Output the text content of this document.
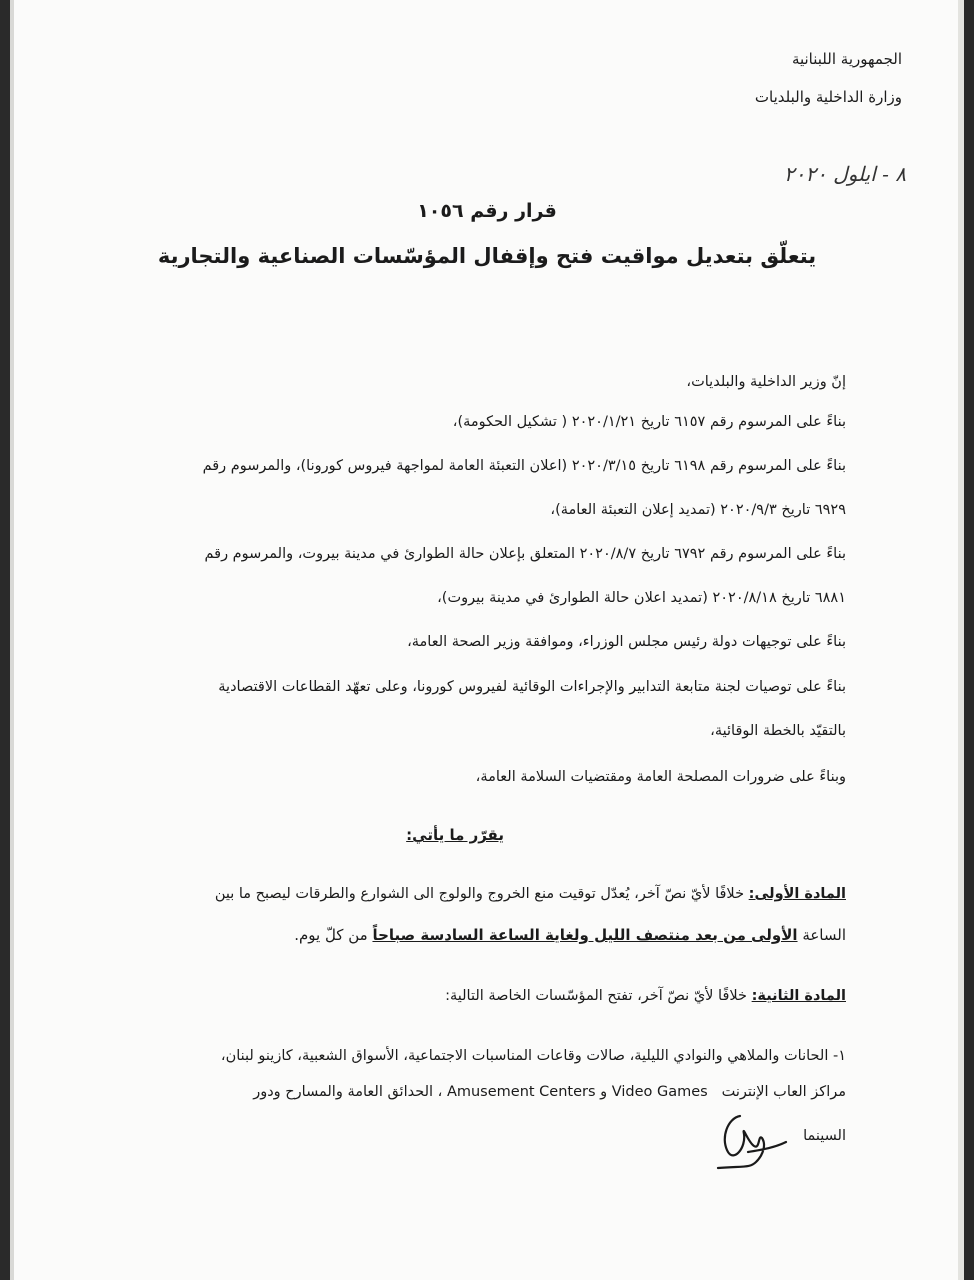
الجمهورية اللبنانية
وزارة الداخلية والبلديات
٨ - ايلول ٢٠٢٠
قرار رقم ١٠٥٦
يتعلّق بتعديل مواقيت فتح وإقفال المؤسّسات الصناعية والتجارية
إنّ وزير الداخلية والبلديات،
بناءً على المرسوم رقم ٦١٥٧ تاريخ ٢٠٢٠/١/٢١ ( تشكيل الحكومة)،
بناءً على المرسوم رقم ٦١٩٨ تاريخ ٢٠٢٠/٣/١٥ (اعلان التعبئة العامة لمواجهة فيروس كورونا)، والمرسوم رقم
٦٩٢٩ تاريخ ٢٠٢٠/٩/٣ (تمديد إعلان التعبئة العامة)،
بناءً على المرسوم رقم ٦٧٩٢ تاريخ ٢٠٢٠/٨/٧ المتعلق بإعلان حالة الطوارئ في مدينة بيروت، والمرسوم رقم
٦٨٨١ تاريخ ٢٠٢٠/٨/١٨ (تمديد اعلان حالة الطوارئ في مدينة بيروت)،
بناءً على توجيهات دولة رئيس مجلس الوزراء، وموافقة وزير الصحة العامة،
بناءً على توصيات لجنة متابعة التدابير والإجراءات الوقائية لفيروس كورونا، وعلى تعهّد القطاعات الاقتصادية
بالتقيّد بالخطة الوقائية،
وبناءً على ضرورات المصلحة العامة ومقتضيات السلامة العامة،
يقرّر ما يأتي:
المادة الأولى: خلافًا لأيّ نصّ آخر، يُعدّل توقيت منع الخروج والولوج الى الشوارع والطرقات ليصبح ما بين
الساعة الأولى من بعد منتصف الليل ولغاية الساعة السادسة صباحاً من كلّ يوم.
المادة الثانية: خلافًا لأيّ نصّ آخر، تفتح المؤسّسات الخاصة التالية:
١- الحانات والملاهي والنوادي الليلية، صالات وقاعات المناسبات الاجتماعية، الأسواق الشعبية، كازينو لبنان،
مراكز العاب الإنترنت   Video Games و Amusement Centers ، الحدائق العامة والمسارح ودور
السينما
